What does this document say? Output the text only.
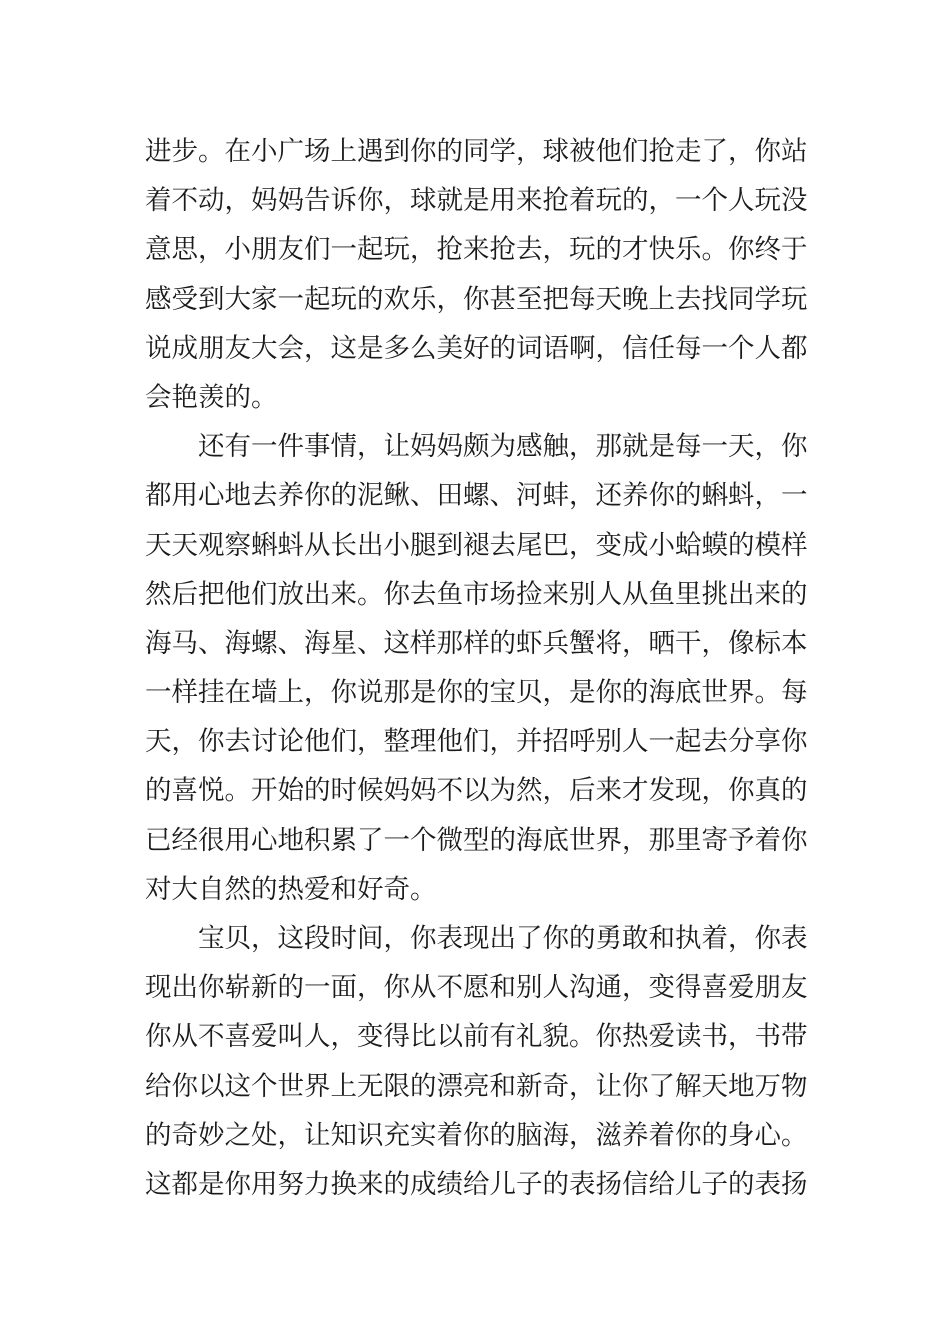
进步。在小广场上遇到你的同学，球被他们抢走了，你站
着不动，妈妈告诉你，球就是用来抢着玩的，一个人玩没
意思，小朋友们一起玩，抢来抢去，玩的才快乐。你终于
感受到大家一起玩的欢乐，你甚至把每天晚上去找同学玩
说成朋友大会，这是多么美好的词语啊，信任每一个人都
会艳羡的。
还有一件事情，让妈妈颇为感触，那就是每一天，你
都用心地去养你的泥鳅、田螺、河蚌，还养你的蝌蚪，一
天天观察蝌蚪从长出小腿到褪去尾巴，变成小蛤蟆的模样
然后把他们放出来。你去鱼市场捡来别人从鱼里挑出来的
海马、海螺、海星、这样那样的虾兵蟹将，晒干，像标本
一样挂在墙上，你说那是你的宝贝，是你的海底世界。每
天，你去讨论他们，整理他们，并招呼别人一起去分享你
的喜悦。开始的时候妈妈不以为然，后来才发现，你真的
已经很用心地积累了一个微型的海底世界，那里寄予着你
对大自然的热爱和好奇。
宝贝，这段时间，你表现出了你的勇敢和执着，你表
现出你崭新的一面，你从不愿和别人沟通，变得喜爱朋友
你从不喜爱叫人，变得比以前有礼貌。你热爱读书，书带
给你以这个世界上无限的漂亮和新奇，让你了解天地万物
的奇妙之处，让知识充实着你的脑海，滋养着你的身心。
这都是你用努力换来的成绩给儿子的表扬信给儿子的表扬
